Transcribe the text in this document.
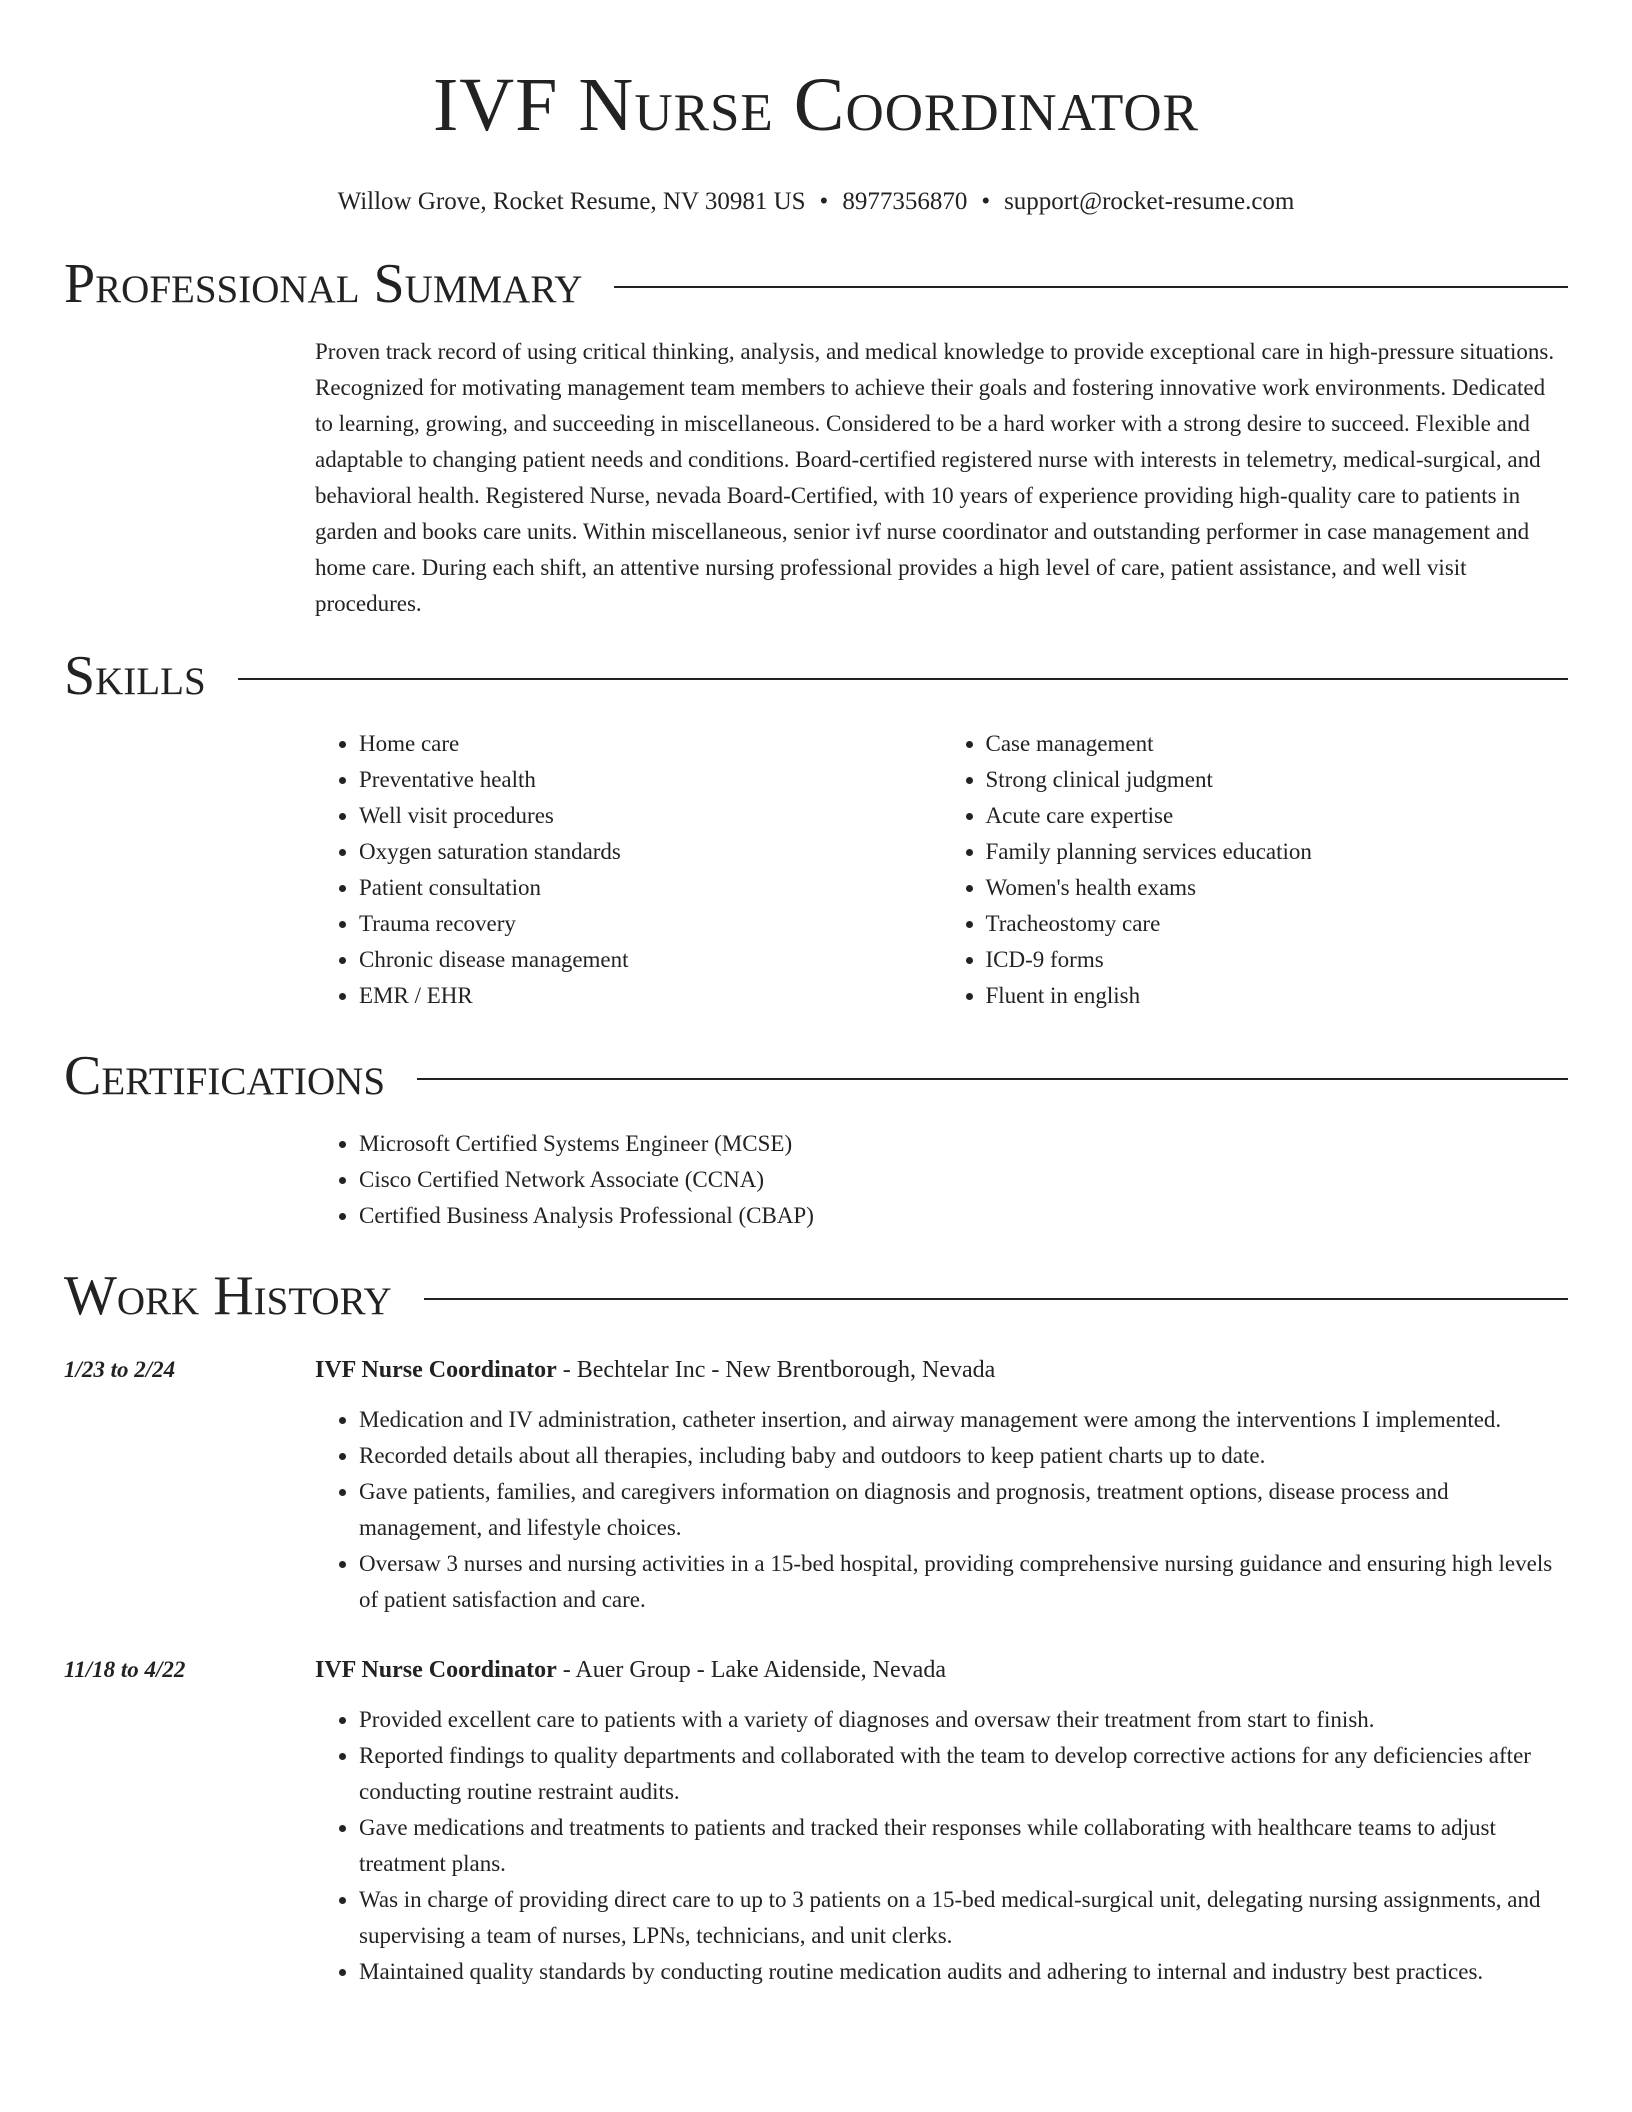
IVF Nurse Coordinator
Willow Grove, Rocket Resume, NV 30981 US • 8977356870 • support@rocket-resume.com
Professional Summary

Proven track record of using critical thinking, analysis, and medical knowledge to provide exceptional care in high-pressure situations. Recognized for motivating management team members to achieve their goals and fostering innovative work environments. Dedicated to learning, growing, and succeeding in miscellaneous. Considered to be a hard worker with a strong desire to succeed. Flexible and adaptable to changing patient needs and conditions. Board-certified registered nurse with interests in telemetry, medical-surgical, and behavioral health. Registered Nurse, nevada Board-Certified, with 10 years of experience providing high-quality care to patients in garden and books care units. Within miscellaneous, senior ivf nurse coordinator and outstanding performer in case management and home care. During each shift, an attentive nursing professional provides a high level of care, patient assistance, and well visit procedures.

Skills
• Home care
• Preventative health
• Well visit procedures
• Oxygen saturation standards
• Patient consultation
• Trauma recovery
• Chronic disease management
• EMR / EHR
• Case management
• Strong clinical judgment
• Acute care expertise
• Family planning services education
• Women's health exams
• Tracheostomy care
• ICD-9 forms
• Fluent in english
Certifications
• Microsoft Certified Systems Engineer (MCSE)
• Cisco Certified Network Associate (CCNA)
• Certified Business Analysis Professional (CBAP)
Work History
1/23 to 2/24	IVF Nurse Coordinator - Bechtelar Inc - New Brentborough, Nevada
• Medication and IV administration, catheter insertion, and airway management were among the interventions I implemented.
• Recorded details about all therapies, including baby and outdoors to keep patient charts up to date.
• Gave patients, families, and caregivers information on diagnosis and prognosis, treatment options, disease process and management, and lifestyle choices.
• Oversaw 3 nurses and nursing activities in a 15-bed hospital, providing comprehensive nursing guidance and ensuring high levels of patient satisfaction and care.
11/18 to 4/22	IVF Nurse Coordinator - Auer Group - Lake Aidenside, Nevada
• Provided excellent care to patients with a variety of diagnoses and oversaw their treatment from start to finish.
• Reported findings to quality departments and collaborated with the team to develop corrective actions for any deficiencies after conducting routine restraint audits.
• Gave medications and treatments to patients and tracked their responses while collaborating with healthcare teams to adjust treatment plans.
• Was in charge of providing direct care to up to 3 patients on a 15-bed medical-surgical unit, delegating nursing assignments, and supervising a team of nurses, LPNs, technicians, and unit clerks.
• Maintained quality standards by conducting routine medication audits and adhering to internal and industry best practices.
